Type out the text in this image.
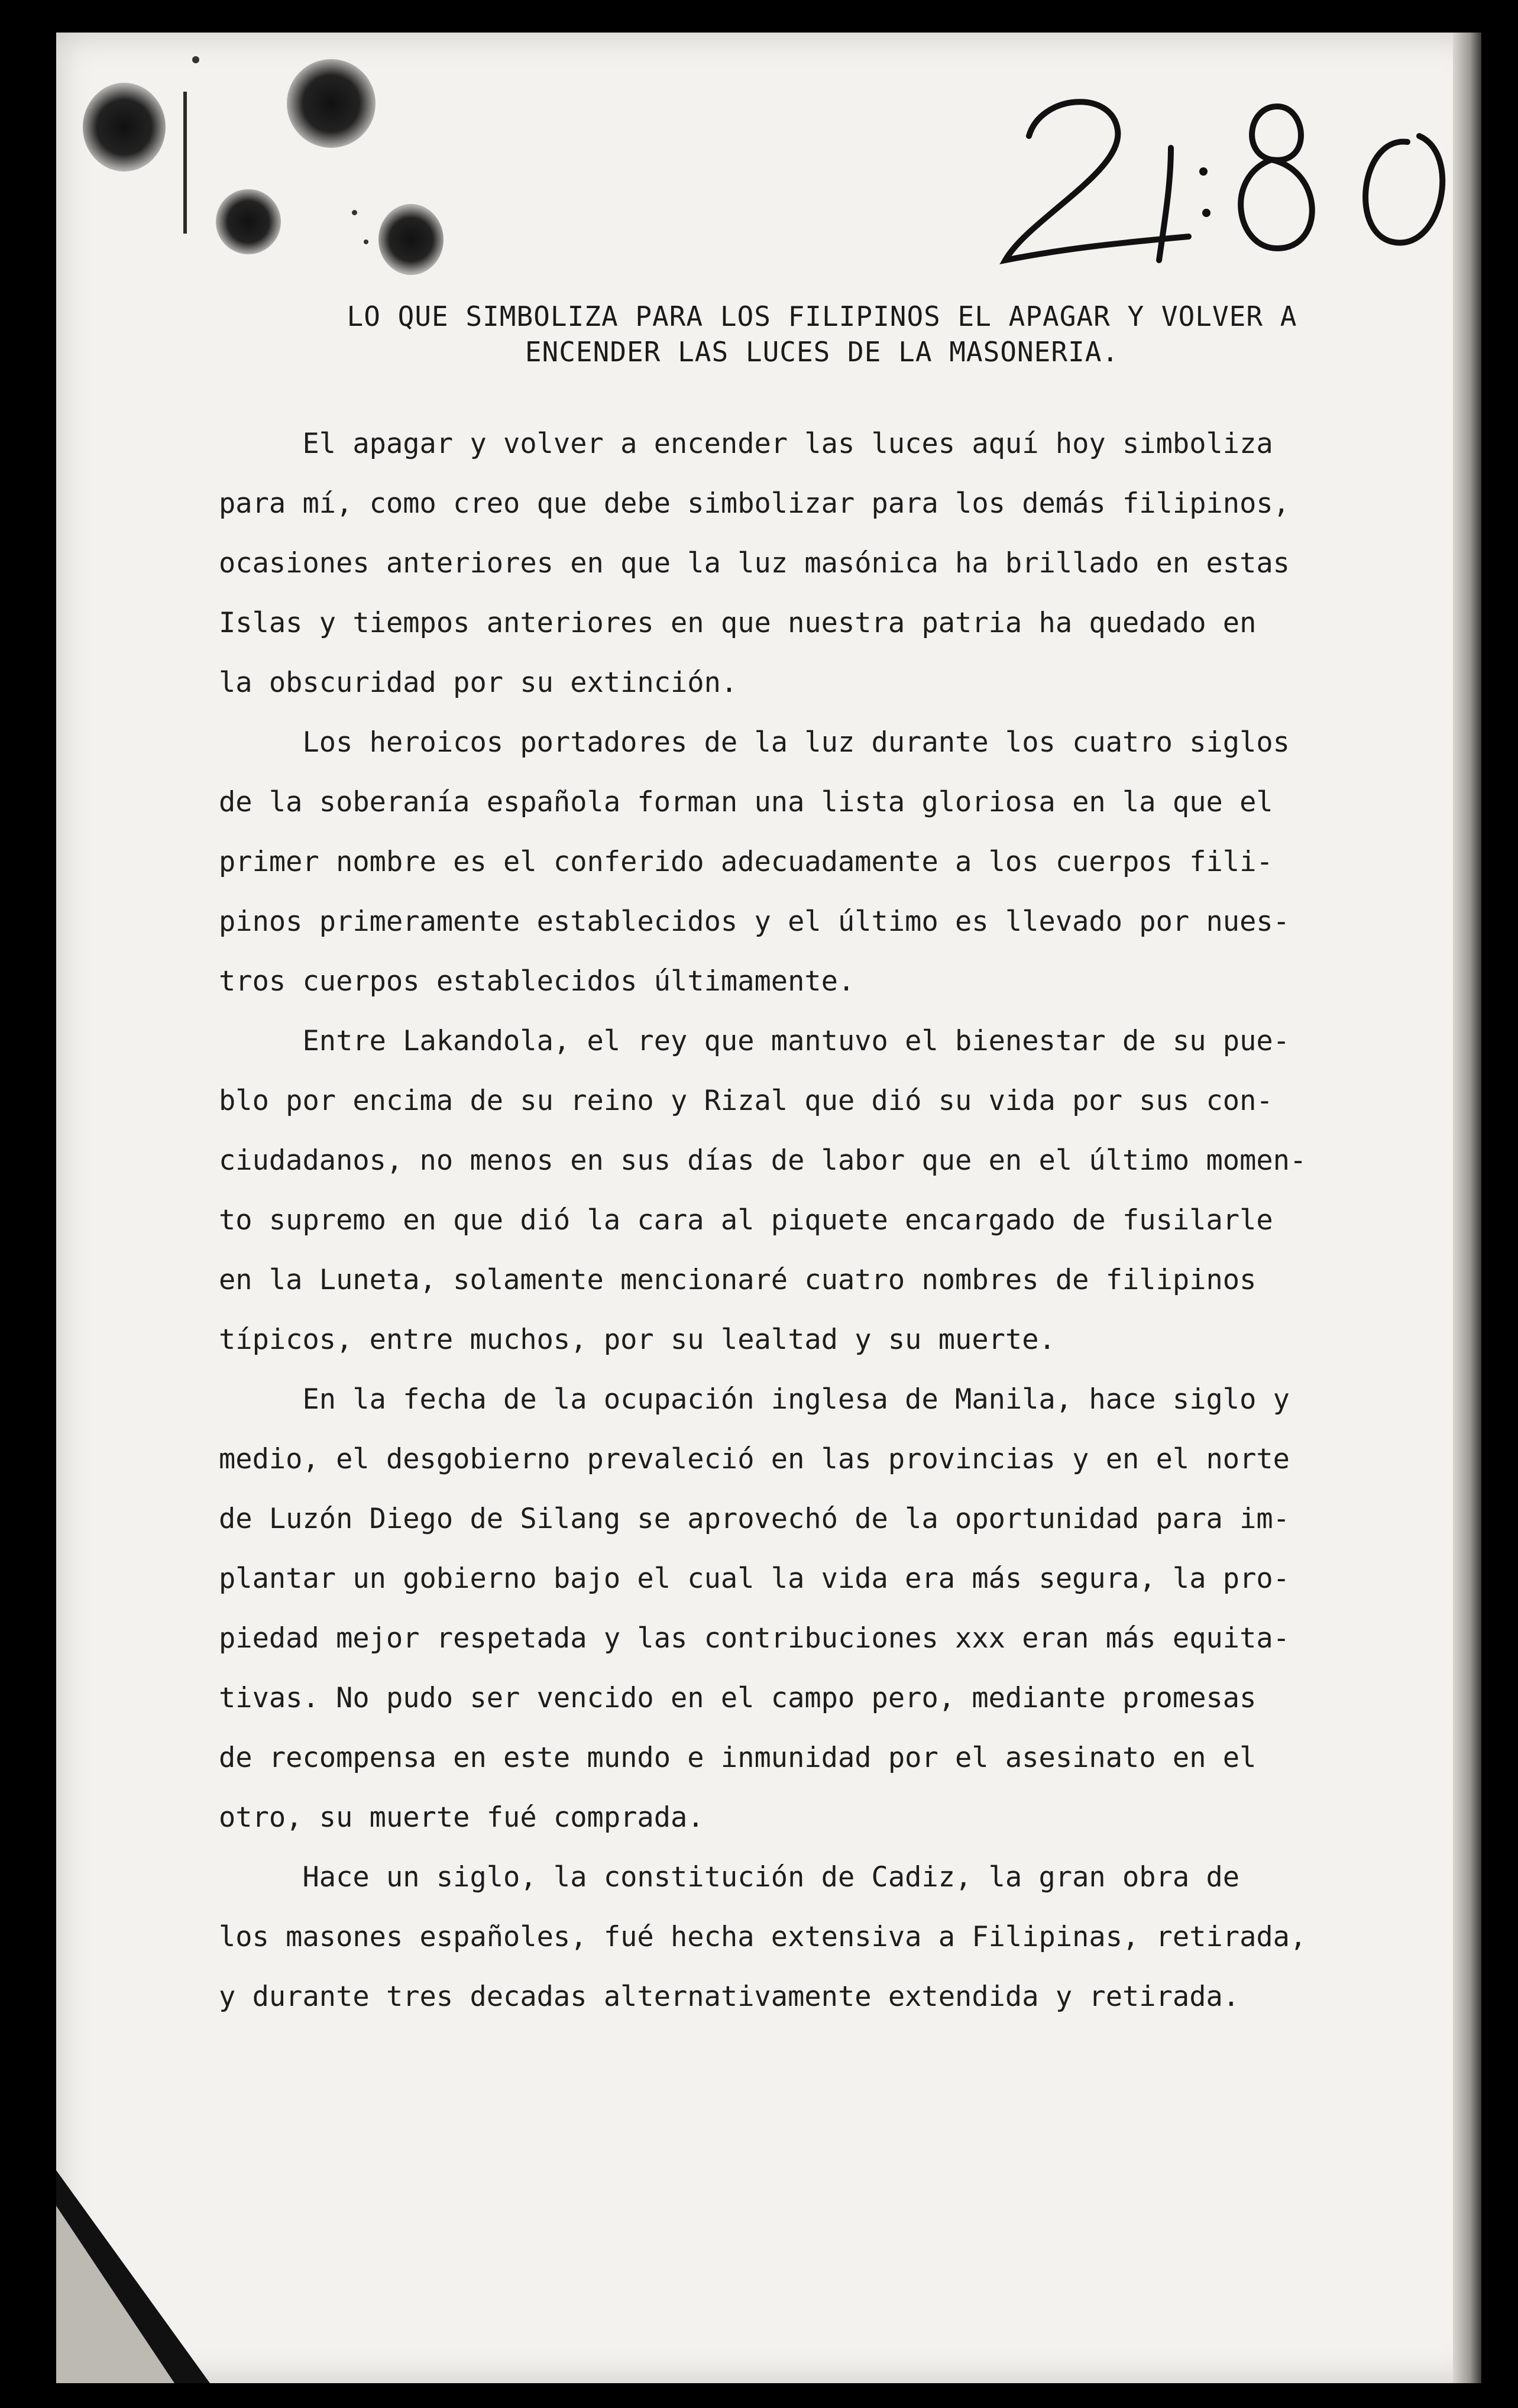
21-80
LO QUE SIMBOLIZA PARA LOS FILIPINOS EL APAGAR Y VOLVER A
ENCENDER LAS LUCES DE LA MASONERIA.
El apagar y volver a encender las luces aquí hoy simboliza
para mí, como creo que debe simbolizar para los demás filipinos,
ocasiones anteriores en que la luz masónica ha brillado en estas
Islas y tiempos anteriores en que nuestra patria ha quedado en
la obscuridad por su extinción.
Los heroicos portadores de la luz durante los cuatro siglos
de la soberanía española forman una lista gloriosa en la que el
primer nombre es el conferido adecuadamente a los cuerpos fili-
pinos primeramente establecidos y el último es llevado por nues-
tros cuerpos establecidos últimamente.
Entre Lakandola, el rey que mantuvo el bienestar de su pue-
blo por encima de su reino y Rizal que dió su vida por sus con-
ciudadanos, no menos en sus días de labor que en el último momen-
to supremo en que dió la cara al piquete encargado de fusilarle
en la Luneta, solamente mencionaré cuatro nombres de filipinos
típicos, entre muchos, por su lealtad y su muerte.
En la fecha de la ocupación inglesa de Manila, hace siglo y
medio, el desgobierno prevaleció en las provincias y en el norte
de Luzón Diego de Silang se aprovechó de la oportunidad para im-
plantar un gobierno bajo el cual la vida era más segura, la pro-
piedad mejor respetada y las contribuciones xxx eran más equita-
tivas. No pudo ser vencido en el campo pero, mediante promesas
de recompensa en este mundo e inmunidad por el asesinato en el
otro, su muerte fué comprada.
Hace un siglo, la constitución de Cadiz, la gran obra de
los masones españoles, fué hecha extensiva a Filipinas, retirada,
y durante tres decadas alternativamente extendida y retirada.
